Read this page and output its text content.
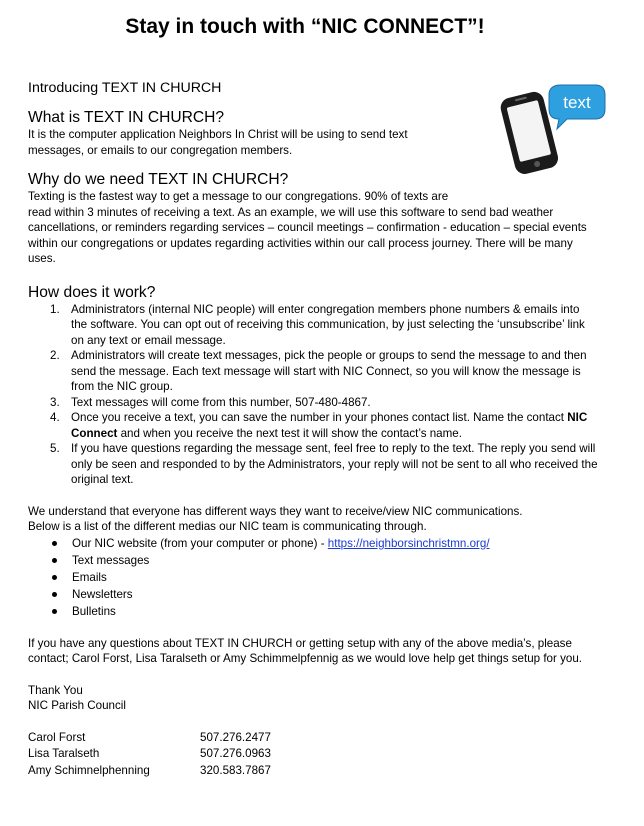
Stay in touch with “NIC CONNECT”!
text
Introducing TEXT IN CHURCH
What is TEXT IN CHURCH?

It is the computer application Neighbors In Christ will be using to send text

messages, or emails to our congregation members.

Why do we need TEXT IN CHURCH?

Texting is the fastest way to get a message to our congregations. 90% of texts are

read within 3 minutes of receiving a text. As an example, we will use this software to send bad weather cancellations, or reminders regarding services – council meetings – confirmation - education – special events within our congregations or updates regarding activities within our call process journey. There will be many uses.

How does it work?
1. Administrators (internal NIC people) will enter congregation members phone numbers & emails into the software. You can opt out of receiving this communication, by just selecting the ‘unsubscribe’ link on any text or email message.
2. Administrators will create text messages, pick the people or groups to send the message to and then send the message. Each text message will start with NIC Connect, so you will know the message is from the NIC group.
3. Text messages will come from this number, 507-480-4867.
4. Once you receive a text, you can save the number in your phones contact list. Name the contact NIC Connect and when you receive the next test it will show the contact’s name.
5. If you have questions regarding the message sent, feel free to reply to the text. The reply you send will only be seen and responded to by the Administrators, your reply will not be sent to all who received the original text.

We understand that everyone has different ways they want to receive/view NIC communications.

Below is a list of the different medias our NIC team is communicating through.

Our NIC website (from your computer or phone) - https://neighborsinchristmn.org/
Text messages
Emails
Newsletters
Bulletins

If you have any questions about TEXT IN CHURCH or getting setup with any of the above media’s, please contact; Carol Forst, Lisa Taralseth or Amy Schimmelpfennig as we would love help get things setup for you.

Thank You

NIC Parish Council

Carol Forst	507.276.2477
Lisa Taralseth	507.276.0963
Amy Schimnelphenning	320.583.7867
